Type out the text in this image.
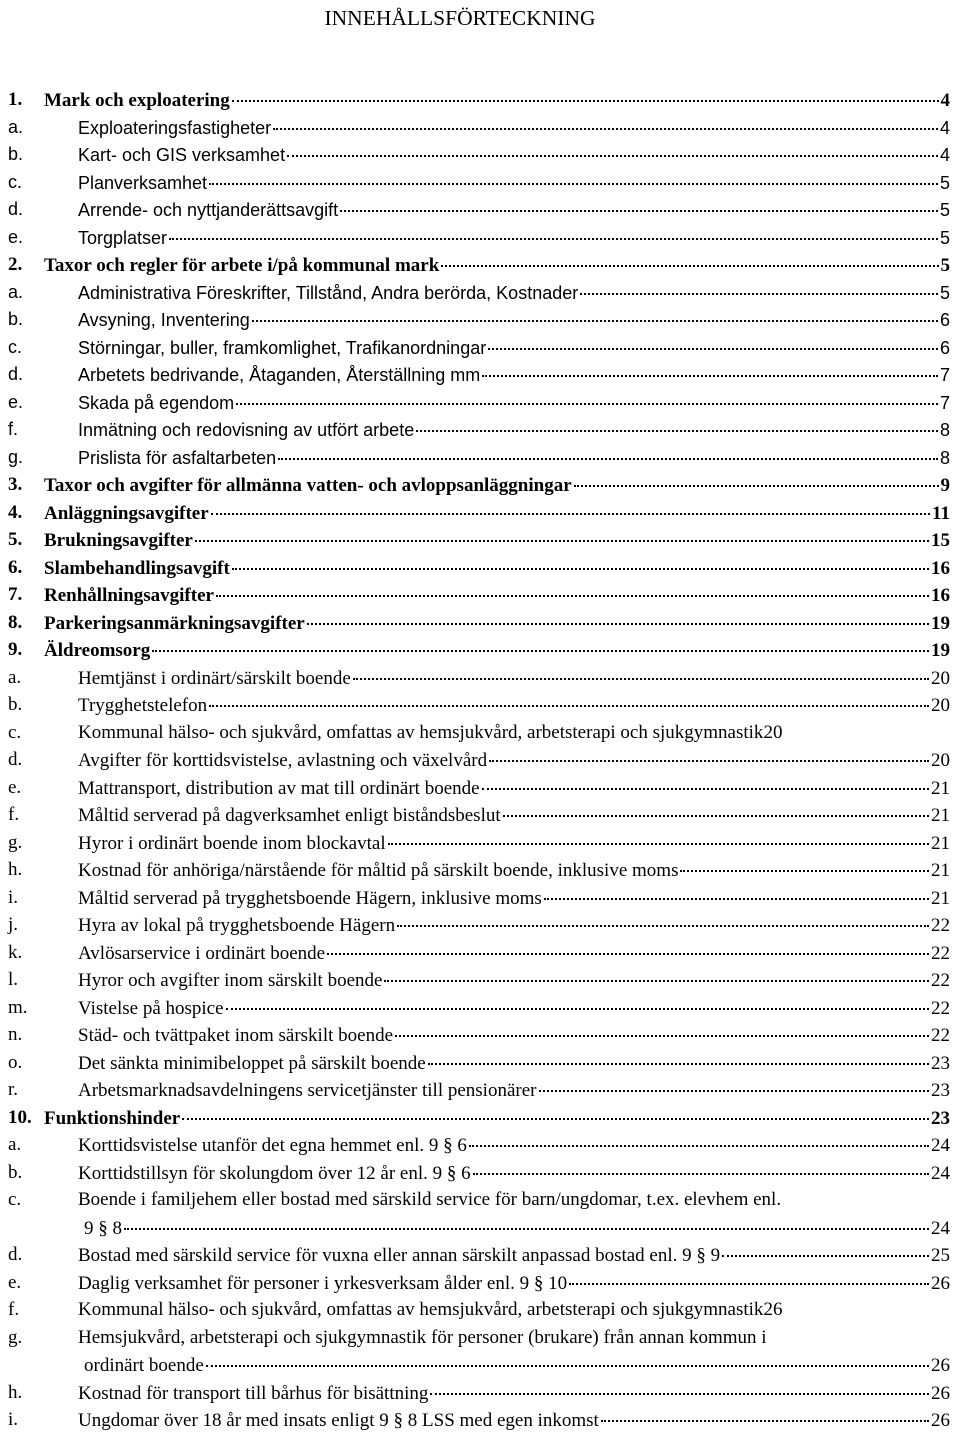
INNEHÅLLSFÖRTECKNING
1. Mark och exploatering	4
a.	Exploateringsfastigheter	4
b.	Kart- och GIS verksamhet	4
c.	Planverksamhet	5
d.	Arrende- och nyttjanderättsavgift	5
e.	Torgplatser	5
2. Taxor och regler för arbete i/på kommunal mark	5
a.	Administrativa Föreskrifter, Tillstånd, Andra berörda, Kostnader	5
b.	Avsyning, Inventering	6
c.	Störningar, buller, framkomlighet, Trafikanordningar	6
d.	Arbetets bedrivande, Åtaganden, Återställning mm	7
e.	Skada på egendom	7
f.	Inmätning och redovisning av utfört arbete	8
g.	Prislista för asfaltarbeten	8
3. Taxor och avgifter för allmänna vatten- och avloppsanläggningar	9
4. Anläggningsavgifter	11
5. Brukningsavgifter	15
6. Slambehandlingsavgift	16
7. Renhållningsavgifter	16
8. Parkeringsanmärkningsavgifter	19
9. Äldreomsorg	19
a.	Hemtjänst i ordinärt/särskilt boende	20
b.	Trygghetstelefon	20
c.	Kommunal hälso- och sjukvård, omfattas av hemsjukvård, arbetsterapi och sjukgymnastik 20
d.	Avgifter för korttidsvistelse, avlastning och växelvård	20
e.	Mattransport, distribution av mat till ordinärt boende	21
f.	Måltid serverad på dagverksamhet enligt biståndsbeslut	21
g.	Hyror i ordinärt boende inom blockavtal	21
h.	Kostnad för anhöriga/närstående för måltid på särskilt boende, inklusive moms	21
i.	Måltid serverad på trygghetsboende Hägern, inklusive moms	21
j.	Hyra av lokal på trygghetsboende Hägern	22
k.	Avlösarservice i ordinärt boende	22
l.	Hyror och avgifter inom särskilt boende	22
m.	Vistelse på hospice	22
n.	Städ- och tvättpaket inom särskilt boende	22
o.	Det sänkta minimibeloppet på särskilt boende	23
r.	Arbetsmarknadsavdelningens servicetjänster till pensionärer	23
10. Funktionshinder	23
a.	Korttidsvistelse utanför det egna hemmet enl. 9 § 6	24
b.	Korttidstillsyn för skolungdom över 12 år enl. 9 § 6	24
c.	Boende i familjehem eller bostad med särskild service för barn/ungdomar, t.ex. elevhem enl.
9 § 8	24
d.	Bostad med särskild service för vuxna eller annan särskilt anpassad bostad enl. 9 § 9	25
e.	Daglig verksamhet för personer i yrkesverksam ålder enl. 9 § 10	26
f.	Kommunal hälso- och sjukvård, omfattas av hemsjukvård, arbetsterapi och sjukgymnastik 26
g.	Hemsjukvård, arbetsterapi och sjukgymnastik för personer (brukare) från annan kommun i
ordinärt boende	26
h.	Kostnad för transport till bårhus för bisättning	26
i.	Ungdomar över 18 år med insats enligt 9 § 8 LSS med egen inkomst	26
